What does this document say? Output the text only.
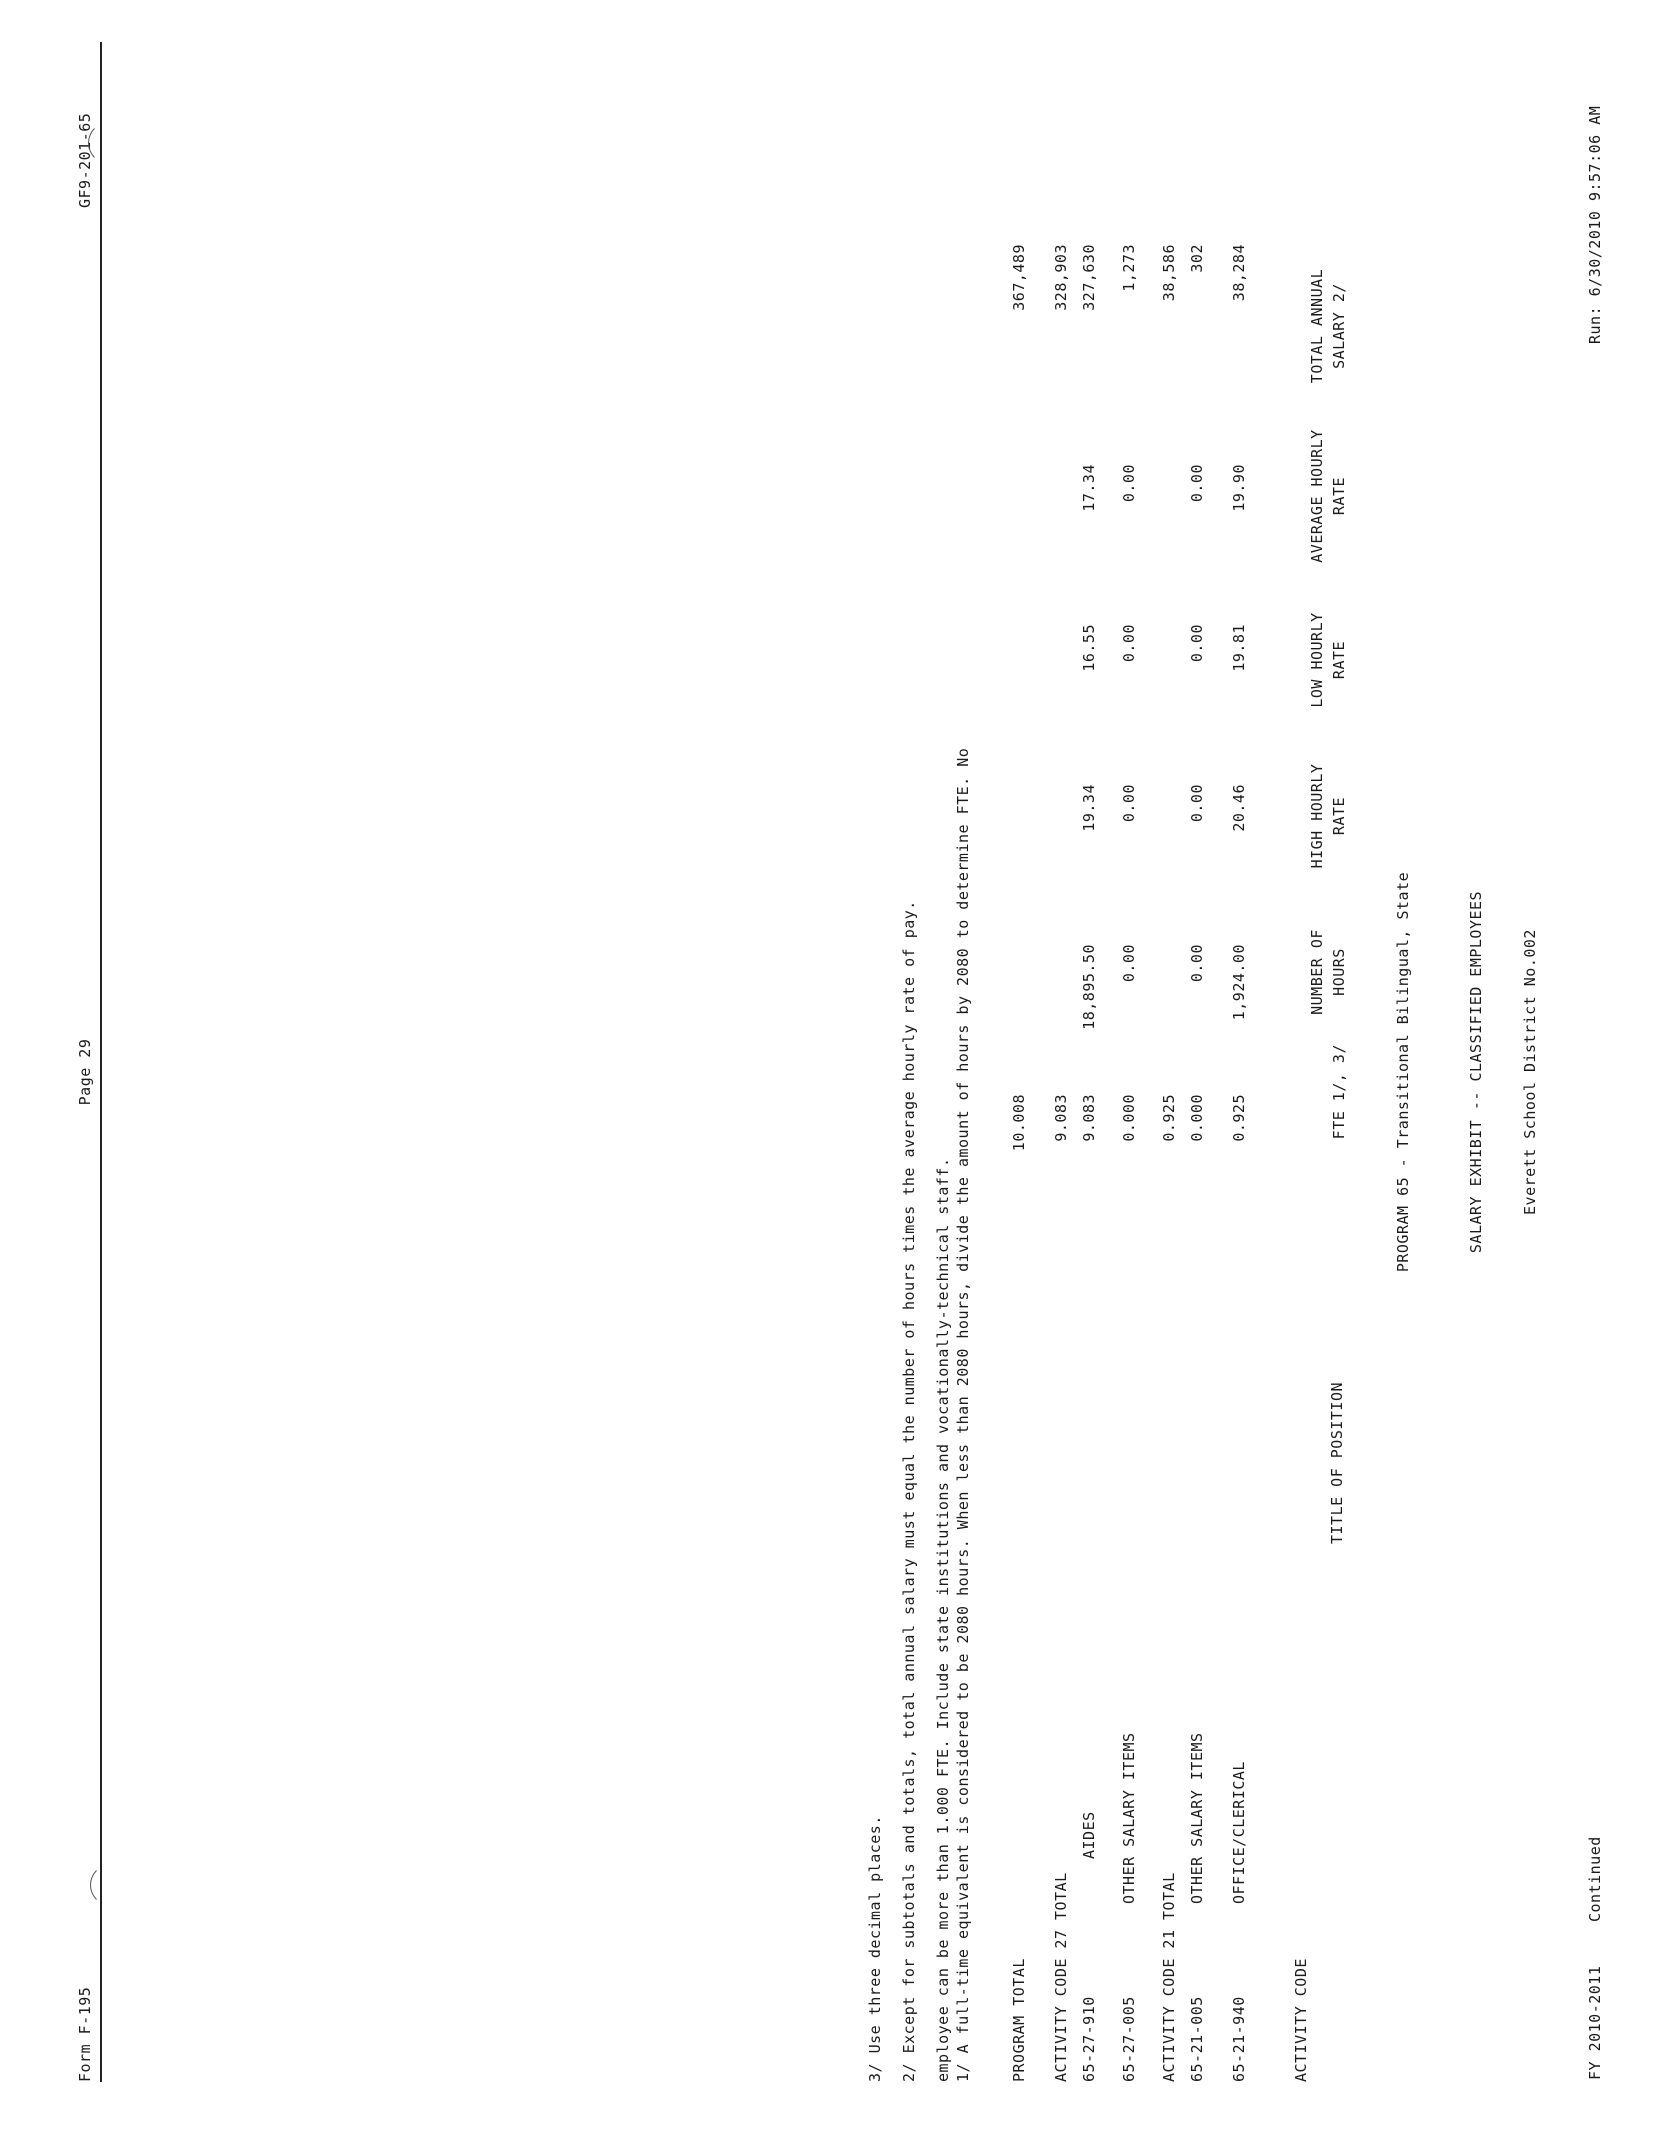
FY 2010-2011
Continued
Run: 6/30/2010 9:57:06 AM
Everett School District No.002
SALARY EXHIBIT -- CLASSIFIED EMPLOYEES
PROGRAM 65 - Transitional Bilingual, State
ACTIVITY CODE
TITLE OF POSITION
FTE 1/, 3/
NUMBER OF HOURS
HIGH HOURLY RATE
LOW HOURLY RATE
AVERAGE HOURLY RATE
TOTAL ANNUAL SALARY 2/
65-21-940
OFFICE/CLERICAL
0.925
1,924.00
20.46
19.81
19.90
38,284
65-21-005
OTHER SALARY ITEMS
0.000
0.00
0.00
0.00
0.00
302
ACTIVITY CODE 21 TOTAL
0.925
38,586
65-27-005
OTHER SALARY ITEMS
0.000
0.00
0.00
0.00
0.00
1,273
65-27-910
AIDES
9.083
18,895.50
19.34
16.55
17.34
327,630
ACTIVITY CODE 27 TOTAL
9.083
328,903
PROGRAM TOTAL
10.008
367,489
1/ A full-time equivalent is considered to be 2080 hours. When less than 2080 hours, divide the amount of hours by 2080 to determine FTE. No
employee can be more than 1.000 FTE. Include state institutions and vocationally-technical staff.
2/ Except for subtotals and totals, total annual salary must equal the number of hours times the average hourly rate of pay.
3/ Use three decimal places.
Form F-195
Page 29
GF9-201-65
